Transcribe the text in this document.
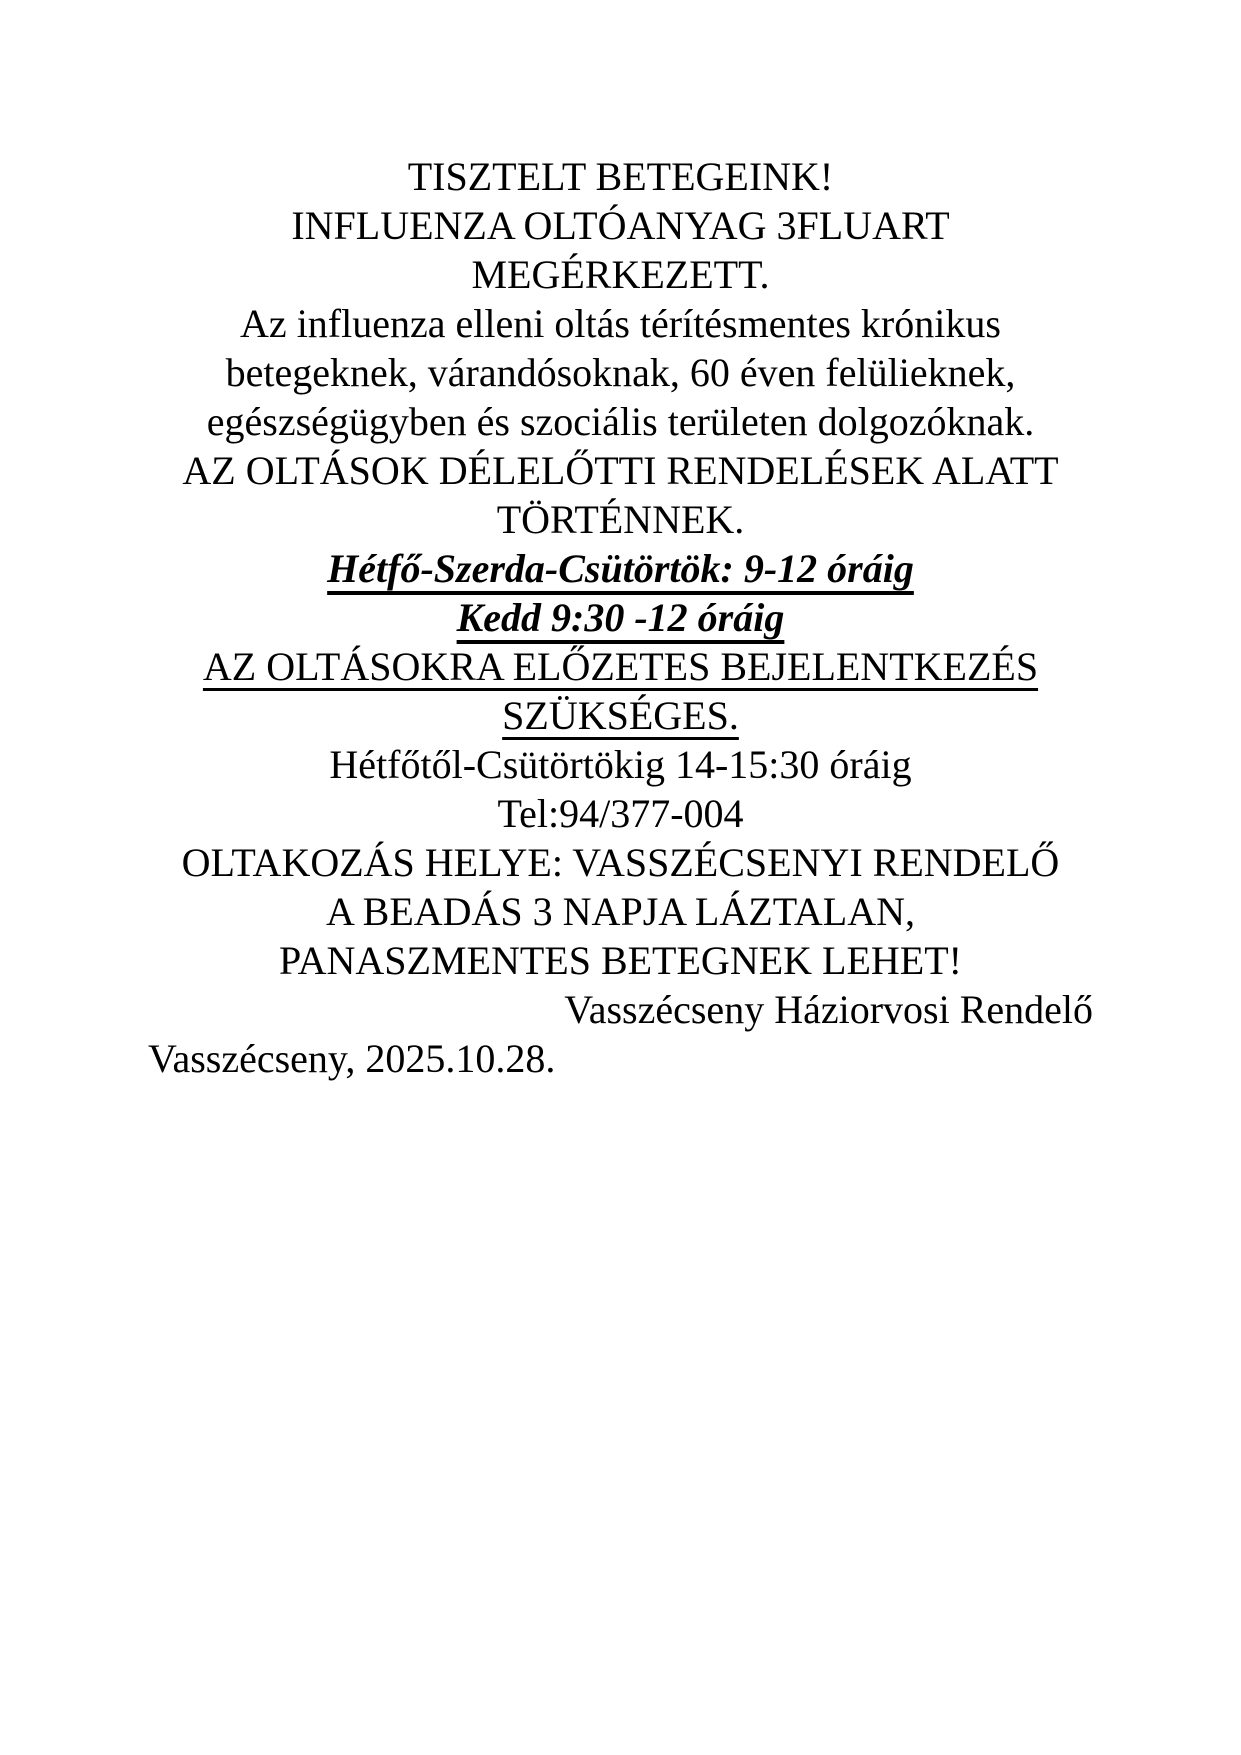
TISZTELT BETEGEINK!

INFLUENZA OLTÓANYAG 3FLUART
MEGÉRKEZETT.

Az influenza elleni oltás térítésmentes krónikus
betegeknek, várandósoknak, 60 éven felülieknek,
egészségügyben és szociális területen dolgozóknak.

AZ OLTÁSOK DÉLELŐTTI RENDELÉSEK ALATT
TÖRTÉNNEK.

Hétfő-Szerda-Csütörtök: 9-12 óráig

Kedd 9:30 -12 óráig

AZ OLTÁSOKRA ELŐZETES BEJELENTKEZÉS
SZÜKSÉGES.

Hétfőtől-Csütörtökig 14-15:30 óráig

Tel:94/377-004

OLTAKOZÁS HELYE: VASSZÉCSENYI RENDELŐ

A BEADÁS 3 NAPJA LÁZTALAN,
PANASZMENTES BETEGNEK LEHET!

Vasszécseny Háziorvosi Rendelő

Vasszécseny, 2025.10.28.
